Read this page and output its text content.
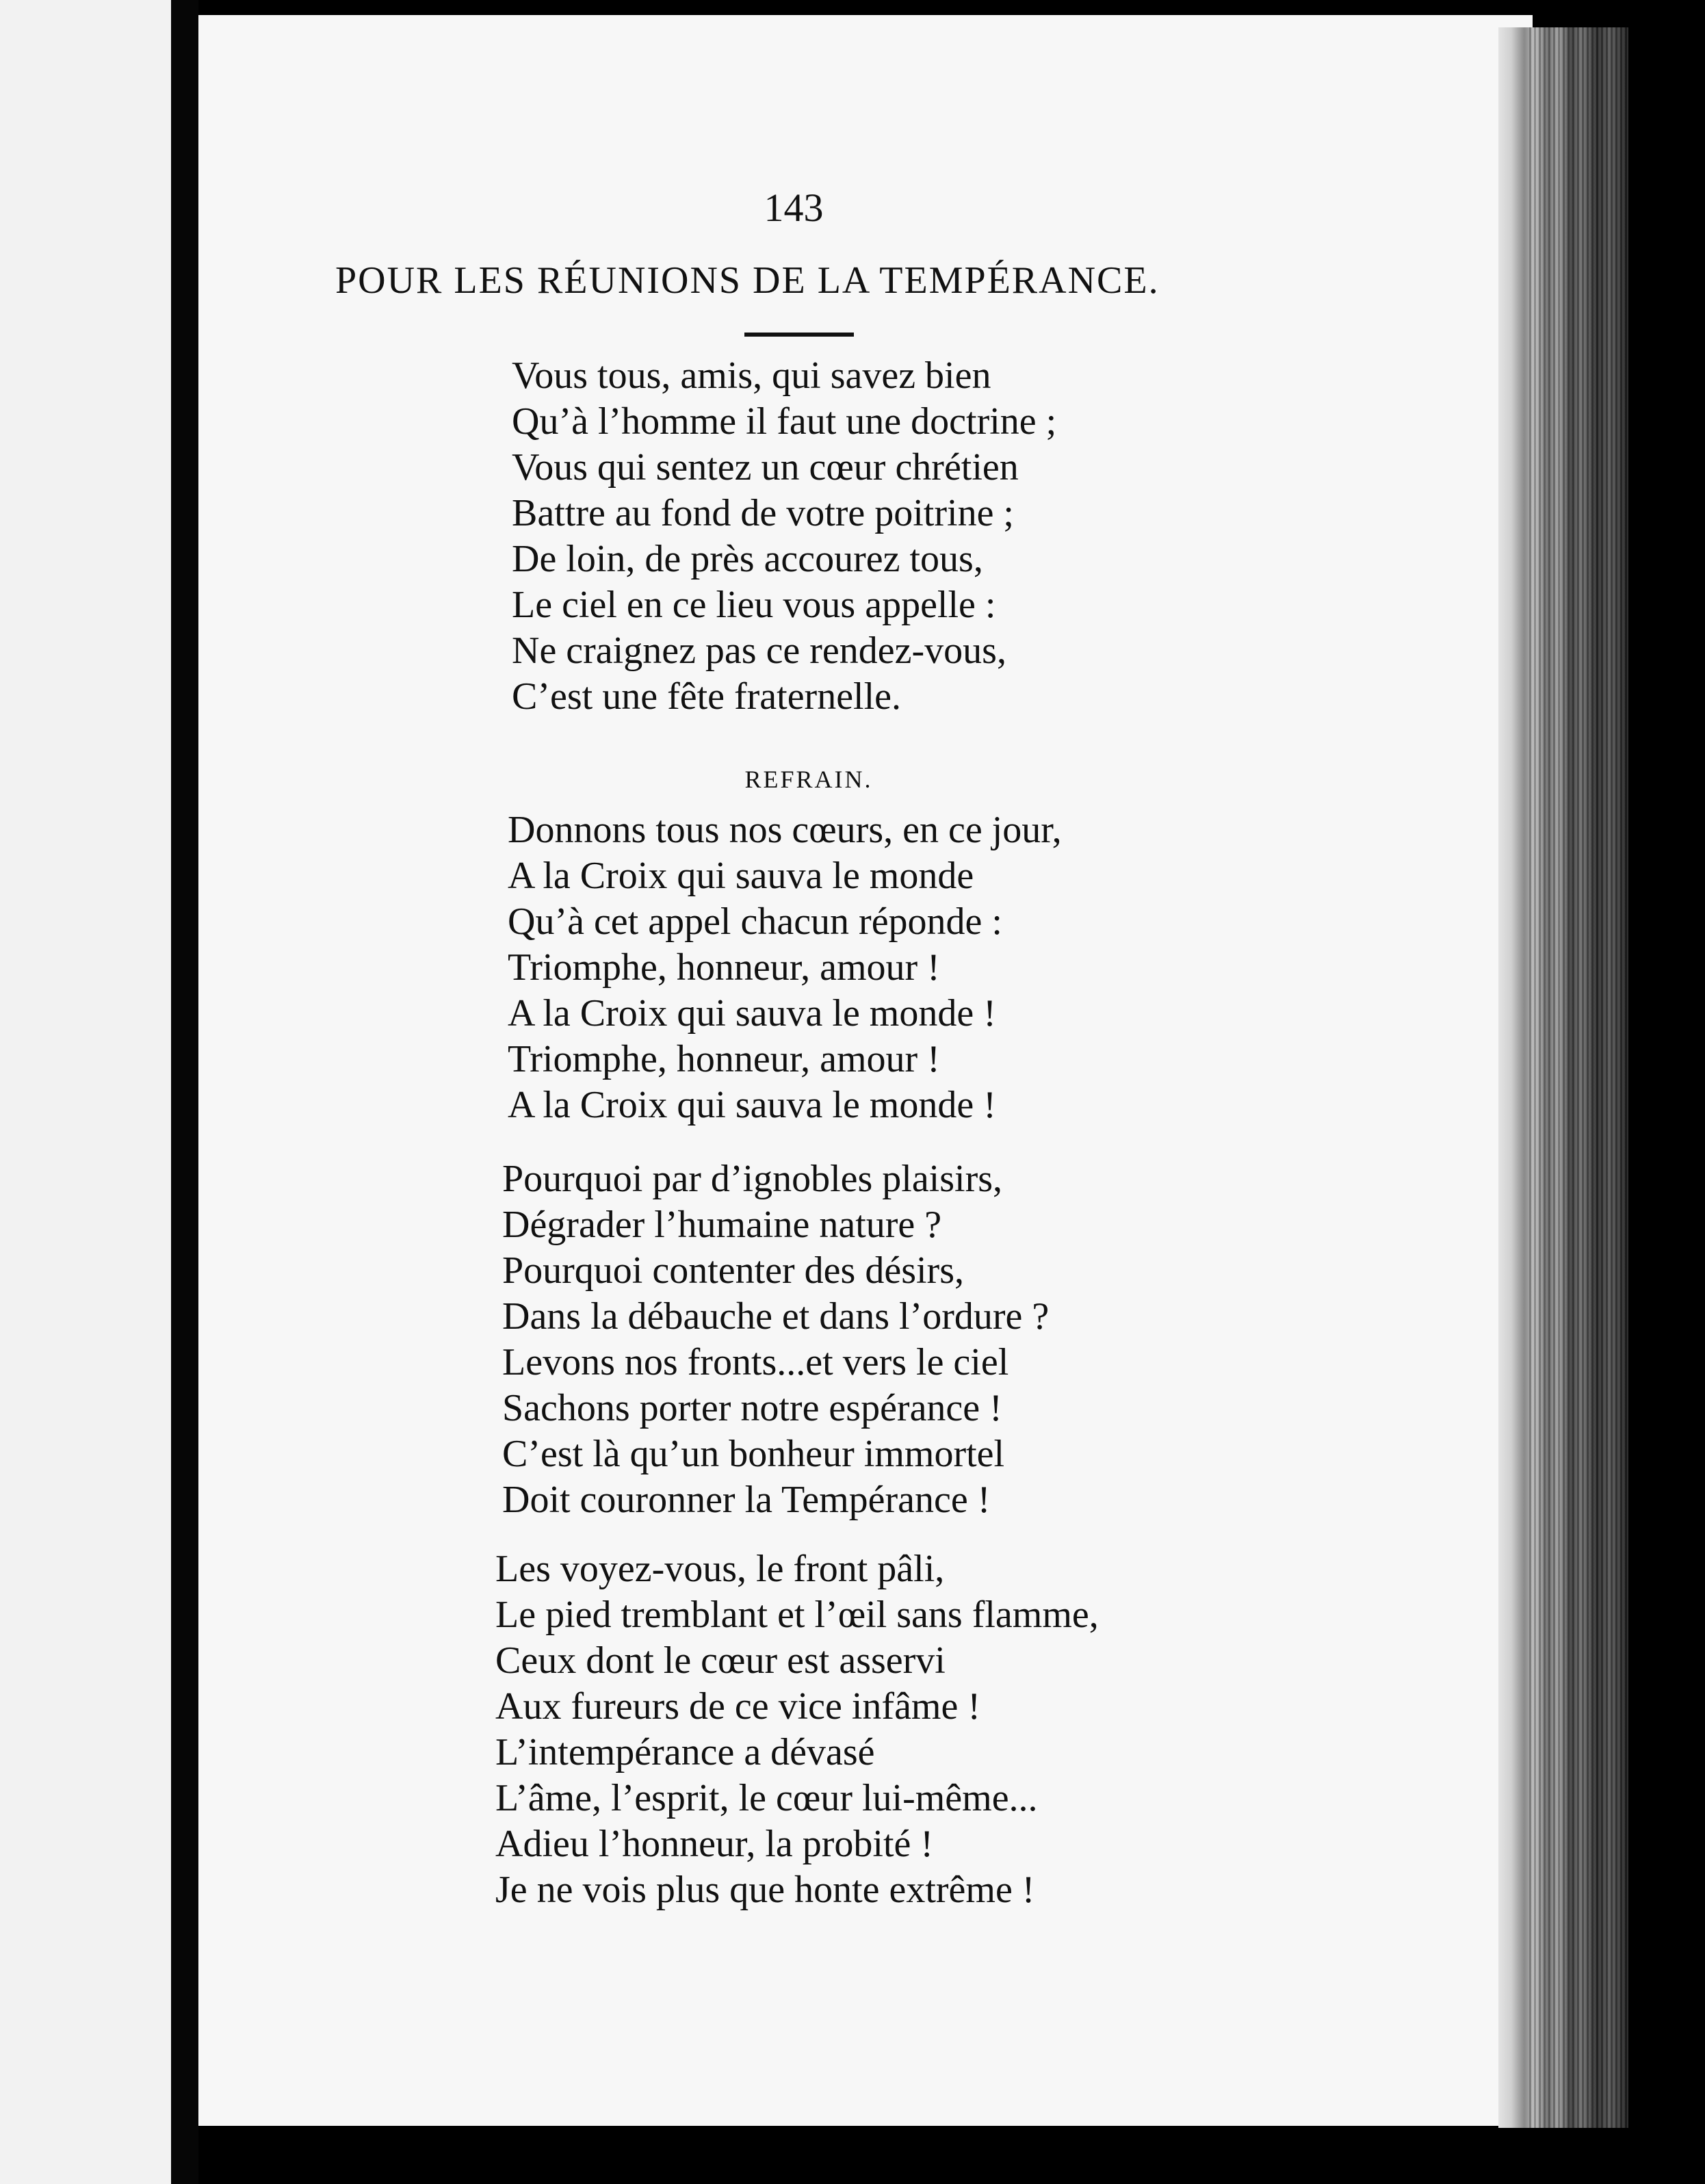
143
POUR LES RÉUNIONS DE LA TEMPÉRANCE.
Vous tous, amis, qui savez bien
Qu’à l’homme il faut une doctrine ;
Vous qui sentez un cœur chrétien
Battre au fond de votre poitrine ;
De loin, de près accourez tous,
Le ciel en ce lieu vous appelle :
Ne craignez pas ce rendez-vous,
C’est une fête fraternelle.
REFRAIN.
Donnons tous nos cœurs, en ce jour,
A la Croix qui sauva le monde
Qu’à cet appel chacun réponde :
Triomphe, honneur, amour !
A la Croix qui sauva le monde !
Triomphe, honneur, amour !
A la Croix qui sauva le monde !
Pourquoi par d’ignobles plaisirs,
Dégrader l’humaine nature ?
Pourquoi contenter des désirs,
Dans la débauche et dans l’ordure ?
Levons nos fronts...et vers le ciel
Sachons porter notre espérance !
C’est là qu’un bonheur immortel
Doit couronner la Tempérance !
Les voyez-vous, le front pâli,
Le pied tremblant et l’œil sans flamme,
Ceux dont le cœur est asservi
Aux fureurs de ce vice infâme !
L’intempérance a dévasé
L’âme, l’esprit, le cœur lui-même...
Adieu l’honneur, la probité !
Je ne vois plus que honte extrême !
